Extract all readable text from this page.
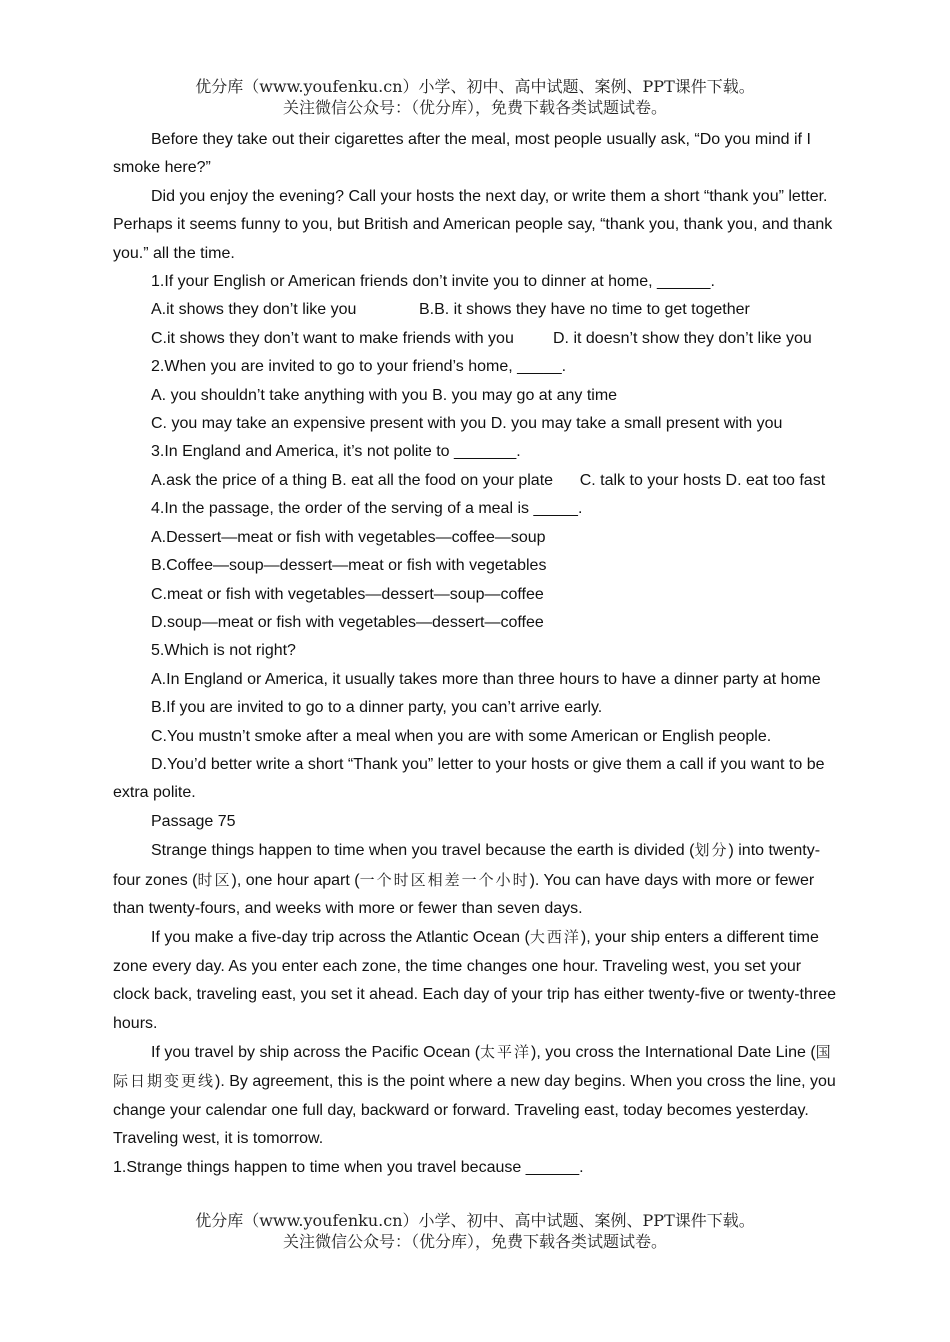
优分库（www.youfenku.cn）小学、初中、高中试题、案例、PPT课件下载。
关注微信公众号：（优分库），免费下载各类试题试卷。

Before they take out their cigarettes after the meal, most people usually ask, “Do you mind if I smoke here?”

Did you enjoy the evening? Call your hosts the next day, or write them a short “thank you” letter. Perhaps it seems funny to you, but British and American people say, “thank you, thank you, and thank you.” all the time.

1.If your English or American friends don’t invite you to dinner at home, ______.

A.it shows they don’t like you	B.B. it shows they have no time to get together
C.it shows they don’t want to make friends with you	D. it doesn’t show they don’t like you

2.When you are invited to go to your friend’s home, _____.

A. you shouldn’t take anything with you B. you may go at any time

C. you may take an expensive present with you D. you may take a small present with you

3.In England and America, it’s not polite to _______.

A.ask the price of a thing B. eat all the food on your plate      C. talk to your hosts D. eat too fast

4.In the passage, the order of the serving of a meal is _____.

A.Dessert—meat or fish with vegetables—coffee—soup

B.Coffee—soup—dessert—meat or fish with vegetables

C.meat or fish with vegetables—dessert—soup—coffee

D.soup—meat or fish with vegetables—dessert—coffee

5.Which is not right?

A.In England or America, it usually takes more than three hours to have a dinner party at home

B.If you are invited to go to a dinner party, you can’t arrive early.

C.You mustn’t smoke after a meal when you are with some American or English people.

D.You’d better write a short “Thank you” letter to your hosts or give them a call if you want to be extra polite.

Passage 75

Strange things happen to time when you travel because the earth is divided (划分) into twenty-four zones (时区), one hour apart (一个时区相差一个小时). You can have days with more or fewer than twenty-fours, and weeks with more or fewer than seven days.

If you make a five-day trip across the Atlantic Ocean (大西洋), your ship enters a different time zone every day. As you enter each zone, the time changes one hour. Traveling west, you set your clock back, traveling east, you set it ahead. Each day of your trip has either twenty-five or twenty-three hours.

If you travel by ship across the Pacific Ocean (太平洋), you cross the International Date Line (国际日期变更线). By agreement, this is the point where a new day begins. When you cross the line, you change your calendar one full day, backward or forward. Traveling east, today becomes yesterday. Traveling west, it is tomorrow.

1.Strange things happen to time when you travel because ______.

优分库（www.youfenku.cn）小学、初中、高中试题、案例、PPT课件下载。
关注微信公众号：（优分库），免费下载各类试题试卷。
